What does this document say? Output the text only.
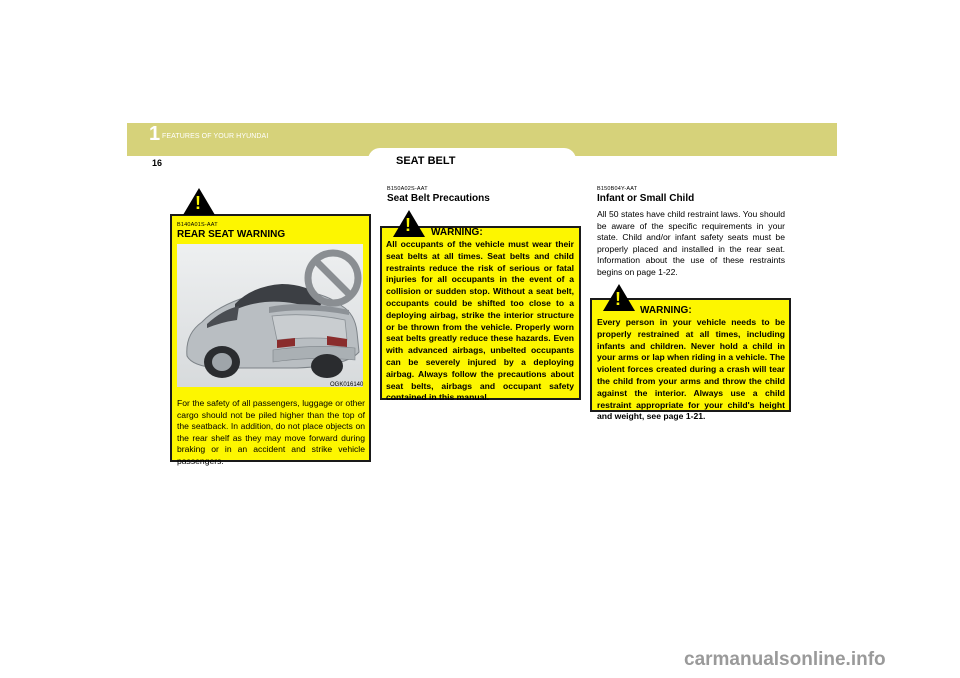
1 FEATURES OF YOUR HYUNDAI
16	SEAT BELT
!
B140A01S-AAT
REAR SEAT WARNING
OGK016140
For the safety of all passengers, luggage or other cargo should not be piled higher than the top of the seatback. In addition, do not place objects on the rear shelf as they may move forward during braking or in an accident and strike vehicle passengers.
B150A02S-AAT
Seat Belt Precautions
! WARNING:
All occupants of the vehicle must wear their seat belts at all times. Seat belts and child restraints reduce the risk of serious or fatal injuries for all occupants in the event of a collision or sudden stop. Without a seat belt, occupants could be shifted too close to a deploying airbag, strike the interior structure or be thrown from the vehicle. Properly worn seat belts greatly reduce these hazards. Even with advanced airbags, unbelted occupants can be severely injured by a deploying airbag. Always follow the precautions about seat belts, airbags and occupant safety contained in this manual.
B150B04Y-AAT
Infant or Small Child
All 50 states have child restraint laws. You should be aware of the specific requirements in your state. Child and/or infant safety seats must be properly placed and installed in the rear seat. Information about the use of these restraints begins on page 1-22.
!
WARNING:
Every person in your vehicle needs to be properly restrained at all times, including infants and children. Never hold a child in your arms or lap when riding in a vehicle. The violent forces created during a crash will tear the child from your arms and throw the child against the interior. Always use a child restraint appropriate for your child's height and weight, see page 1-21.
carmanualsonline.info
